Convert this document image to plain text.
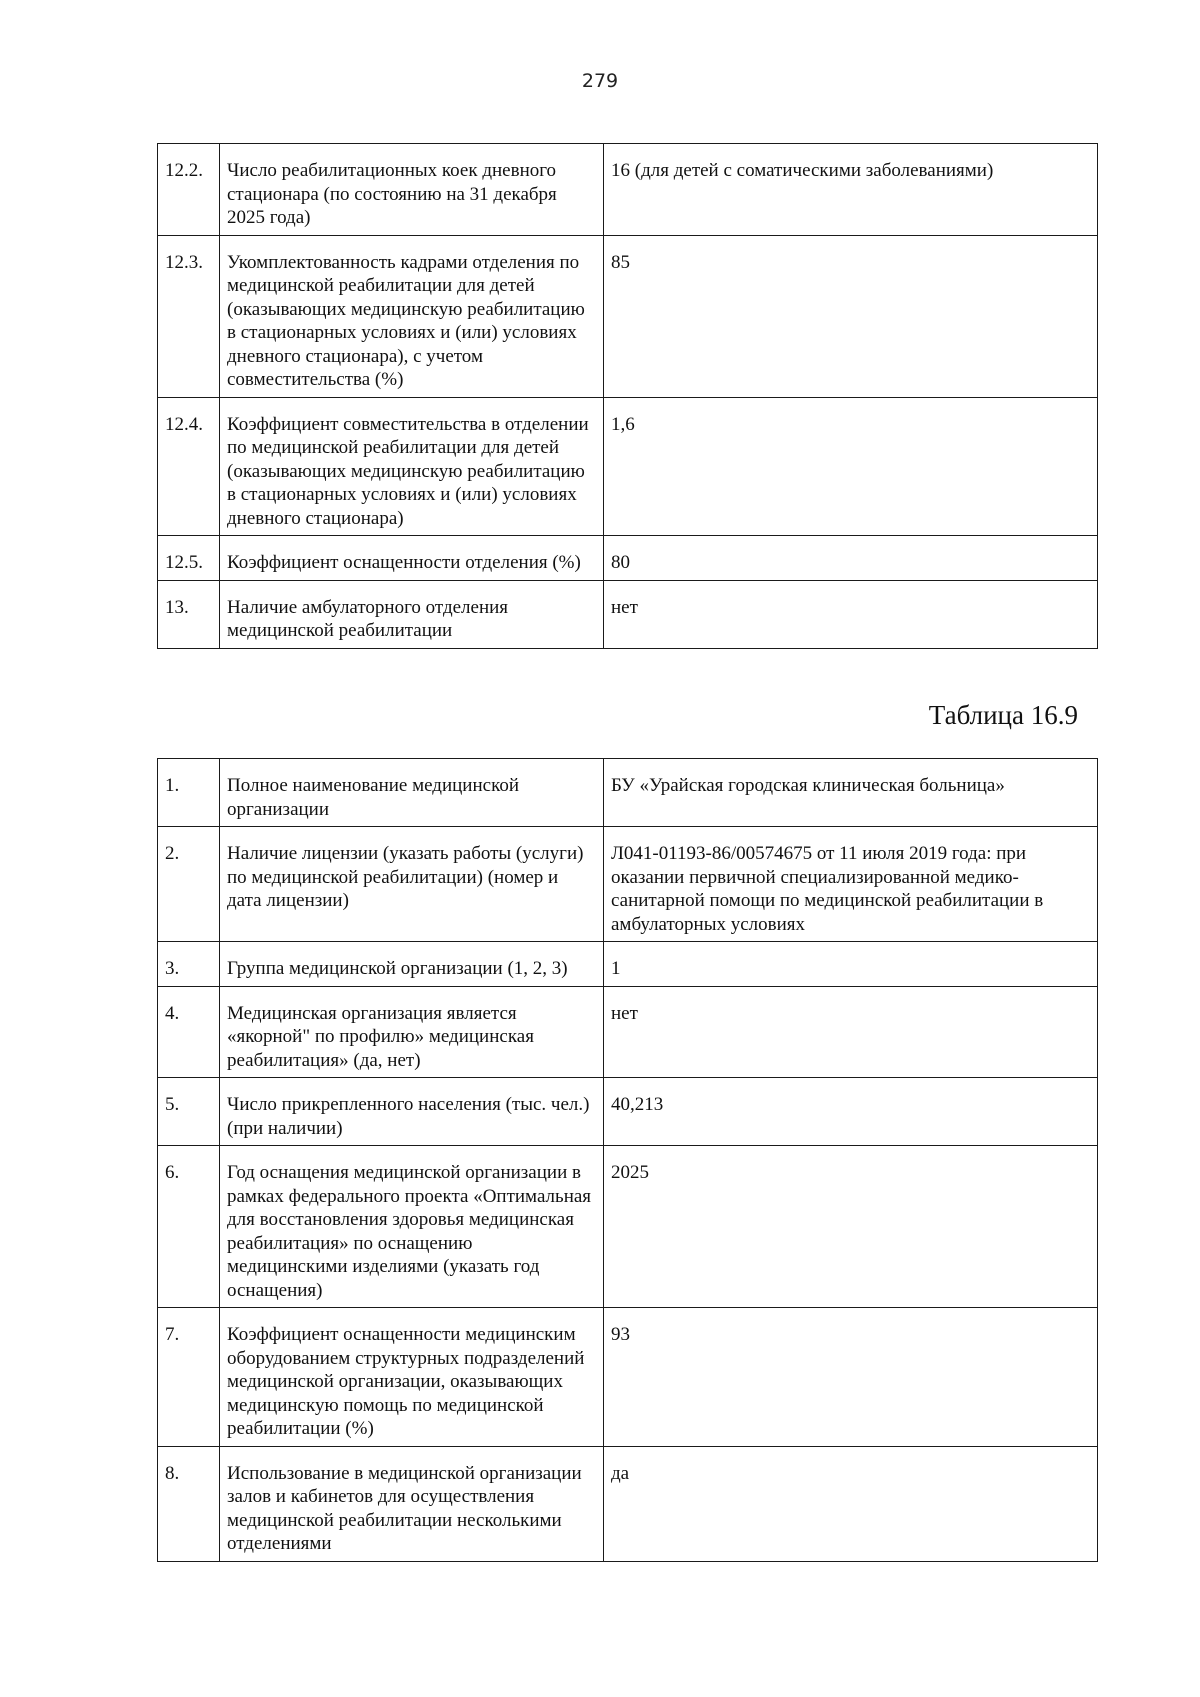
279
12.2.	Число реабилитационных коек дневного стационара (по состоянию на 31 декабря 2025 года)	16 (для детей с соматическими заболеваниями)
12.3.	Укомплектованность кадрами отделения по медицинской реабилитации для детей (оказывающих медицинскую реабилитацию в стационарных условиях и (или) условиях дневного стационара), с учетом совместительства (%)	85
12.4.	Коэффициент совместительства в отделении по медицинской реабилитации для детей (оказывающих медицинскую реабилитацию в стационарных условиях и (или) условиях дневного стационара)	1,6
12.5.	Коэффициент оснащенности отделения (%)	80
13.	Наличие амбулаторного отделения медицинской реабилитации	нет
Таблица 16.9
1.	Полное наименование медицинской организации	БУ «Урайская городская клиническая больница»
2.	Наличие лицензии (указать работы (услуги) по медицинской реабилитации) (номер и дата лицензии)	Л041-01193-86/00574675 от 11 июля 2019 года: при оказании первичной специализированной медико-санитарной помощи по медицинской реабилитации в амбулаторных условиях
3.	Группа медицинской организации (1, 2, 3)	1
4.	Медицинская организация является «якорной" по профилю» медицинская реабилитация» (да, нет)	нет
5.	Число прикрепленного населения (тыс. чел.) (при наличии)	40,213
6.	Год оснащения медицинской организации в рамках федерального проекта «Оптимальная для восстановления здоровья медицинская реабилитация» по оснащению медицинскими изделиями (указать год оснащения)	2025
7.	Коэффициент оснащенности медицинским оборудованием структурных подразделений медицинской организации, оказывающих медицинскую помощь по медицинской реабилитации (%)	93
8.	Использование в медицинской организации залов и кабинетов для осуществления медицинской реабилитации несколькими отделениями	да
